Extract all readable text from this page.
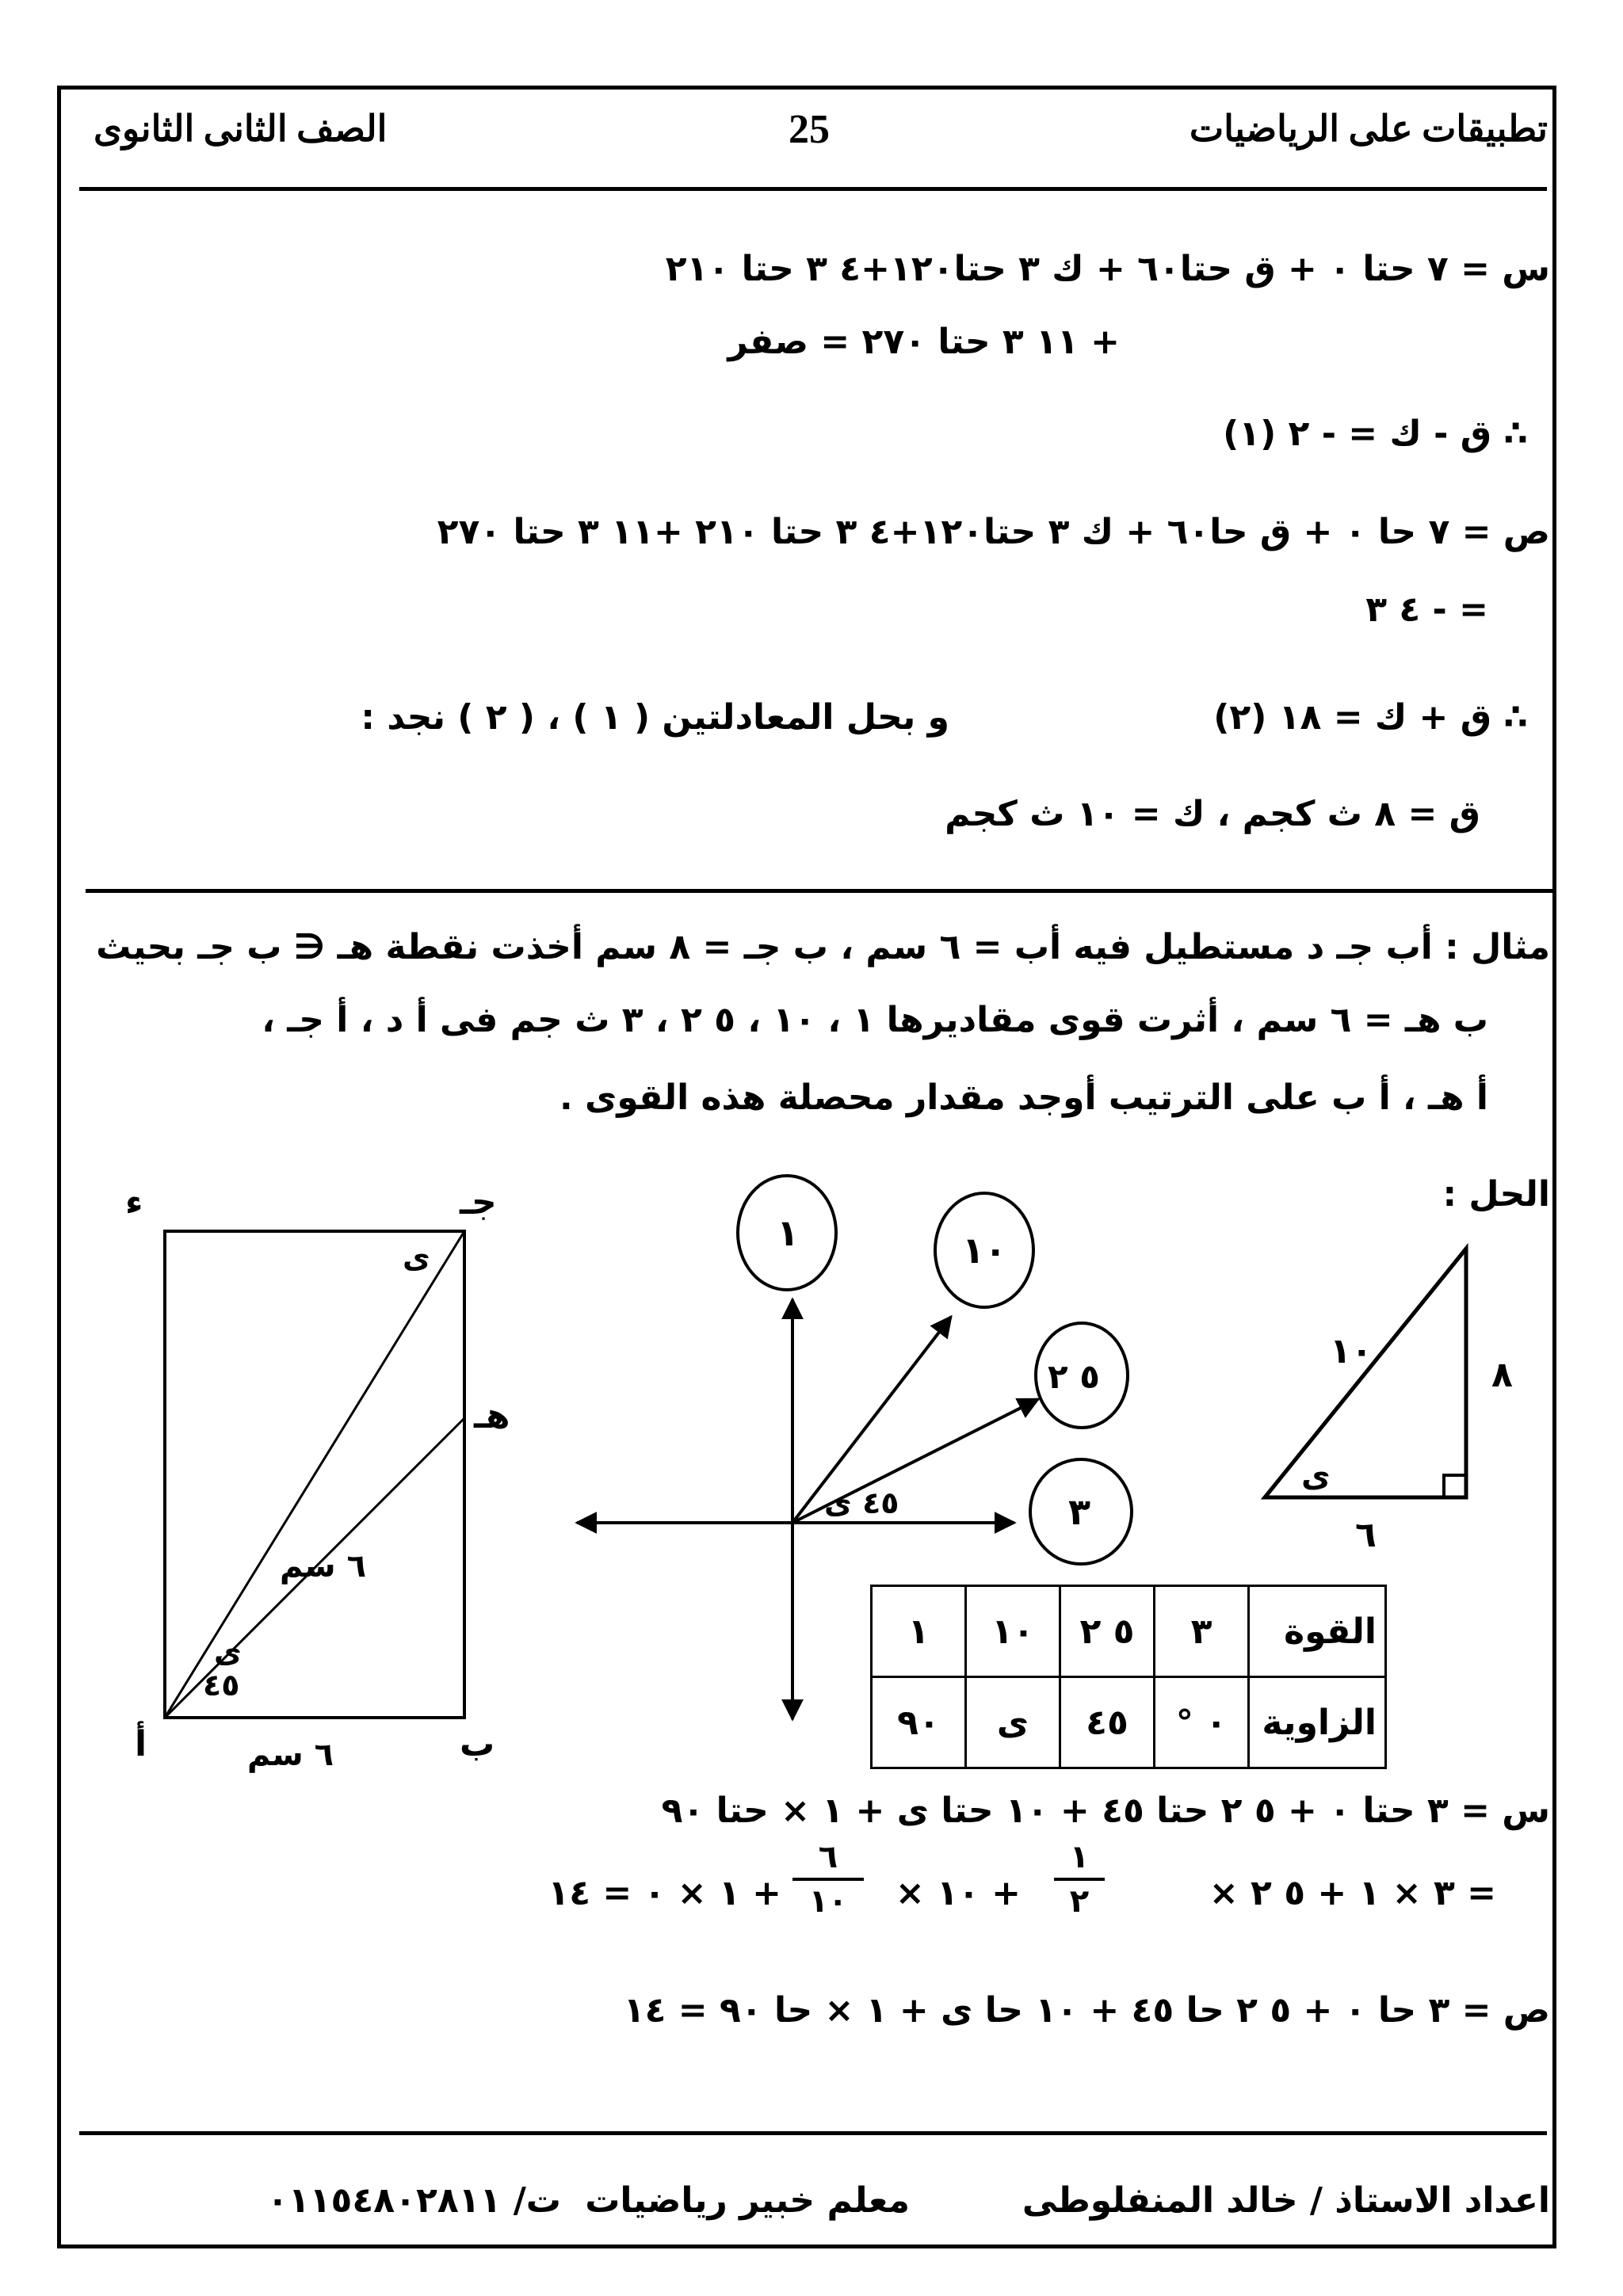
تطبيقات على الرياضيات
25
الصف الثانى الثانوى
س = ٧ حتا ٠ + ق حتا٦٠ + ك ٣ حتا١٢٠+٤ ٣ حتا ٢١٠
+ ١١ ٣ حتا ٢٧٠ = صفر
∴ ق - ك = - ٢ (١)
ص = ٧ حا ٠ + ق حا٦٠ + ك ٣ حتا١٢٠+٤ ٣ حتا ٢١٠ +١١ ٣ حتا ٢٧٠
= - ٤ ٣
∴ ق + ك = ١٨ (٢)
و بحل المعادلتين ( ١ ) ، ( ٢ ) نجد :
ق = ٨ ث كجم ، ك = ١٠ ث كجم
مثال : أب جـ د مستطيل فيه أب = ٦ سم ، ب جـ = ٨ سم أخذت نقطة هـ ∈ ب جـ بحيث
ب هـ = ٦ سم ، أثرت قوى مقاديرها ١ ، ١٠ ، ٥ ٢ ، ٣ ث جم فى أ د ، أ جـ ،
أ هـ ، أ ب على الترتيب أوجد مقدار محصلة هذه القوى .
الحل :
١٠
٨
٦
ى
١	١٠
٥ ٢
٣
٤٥ ى
ء	جـ
هـ
أ	ب
٦ سم
٦ سم
ى
ى
٤٥
القوة	٣	٥ ٢	١٠	١
الزاوية	٠ °	٤٥	ى	٩٠
س = ٣ حتا ٠ + ٥ ٢ حتا ٤٥ + ١٠ حتا ى + ١ × حتا ٩٠
= ٣ × ١ + ٥ ٢ ×
١
٢
+ ١٠ ×
٦
١٠
+ ١ × ٠ = ١٤
ص = ٣ حا ٠ + ٥ ٢ حا ٤٥ + ١٠ حا ى + ١ × حا ٩٠ = ١٤
اعداد الاستاذ / خالد المنفلوطى
معلم خبير رياضيات
ت/ ٠١١٥٤٨٠٢٨١١
